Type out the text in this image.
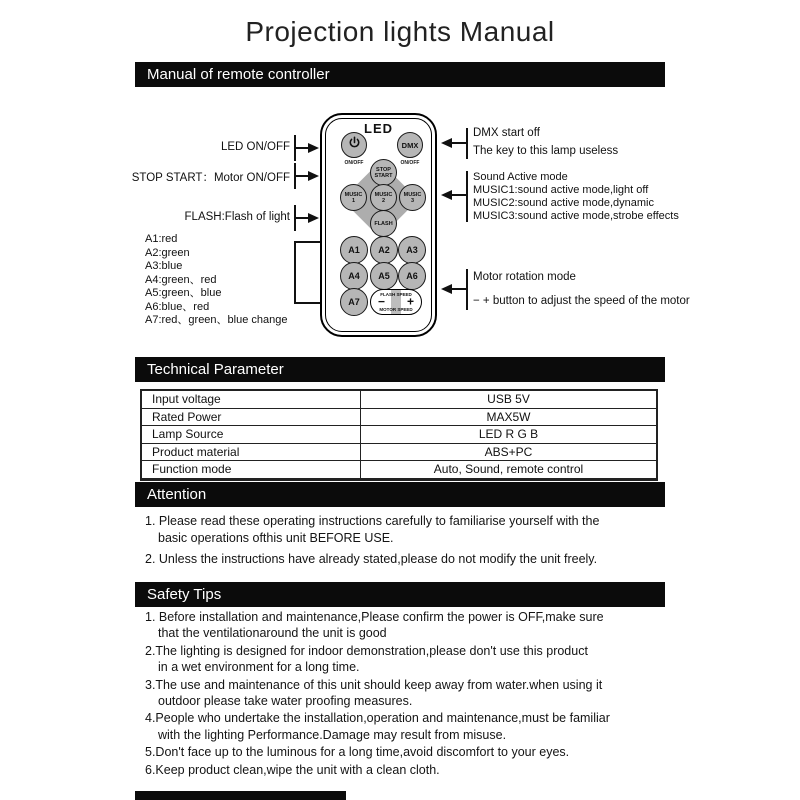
Projection lights Manual
Manual of remote controller
LED
ON/OFF
DMX
ON/OFF
STOP
START
MUSIC
1
MUSIC
2
MUSIC
3
FLASH
A1	A2	A3
A4	A5	A6
A7
FLASH SPEED
− +
MOTOR SPEED
LED ON/OFF
STOP START：Motor ON/OFF
FLASH:Flash of light
A1:red
A2:green
A3:blue
A4:green、red
A5:green、blue
A6:blue、red
A7:red、green、blue change
DMX start off
The key to this lamp useless
Sound Active mode
MUSIC1:sound active mode,light off
MUSIC2:sound active mode,dynamic
MUSIC3:sound active mode,strobe effects
Motor rotation mode
− + button to adjust the speed of the motor
Technical Parameter
Input voltage	USB 5V
Rated Power	MAX5W
Lamp Source	LED R G B
Product material	ABS+PC
Function mode	Auto, Sound, remote control
Attention
1. Please read these operating instructions carefully to familiarise yourself with the
basic operations ofthis unit BEFORE USE.
2. Unless the instructions have already stated,please do not modify the unit freely.
Safety Tips
1. Before installation and maintenance,Please confirm the power is OFF,make sure
that the ventilationaround the unit is good
2.The lighting is designed for indoor demonstration,please don't use this product
in a wet environment for a long time.
3.The use and maintenance of this unit should keep away from water.when using it
outdoor please take water proofing measures.
4.People who undertake the installation,operation and maintenance,must be familiar
with the lighting Performance.Damage may result from misuse.
5.Don't face up to the luminous for a long time,avoid discomfort to your eyes.
6.Keep product clean,wipe the unit with a clean cloth.
